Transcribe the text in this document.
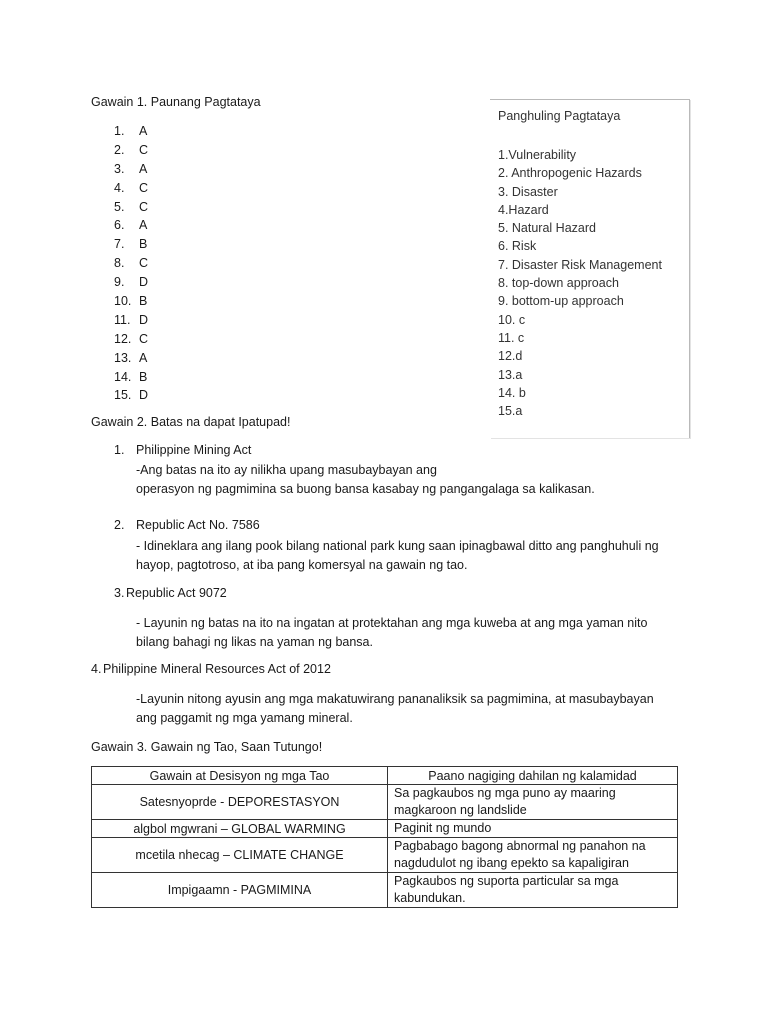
Gawain 1. Paunang Pagtataya
1. A
2. C
3. A
4. C
5. C
6. A
7. B
8. C
9. D
10. B
11. D
12. C
13. A
14. B
15. D
Panghuling Pagtataya
1.Vulnerability
2. Anthropogenic Hazards
3. Disaster
4.Hazard
5. Natural Hazard
6. Risk
7. Disaster Risk Management
8. top-down approach
9. bottom-up approach
10. c
11. c
12.d
13.a
14. b
15.a
Gawain 2. Batas na dapat Ipatupad!
1. Philippine Mining Act
-Ang batas na ito ay nilikha upang masubaybayan ang
operasyon ng pagmimina sa buong bansa kasabay ng pangangalaga sa kalikasan.
2. Republic Act No. 7586
- Idineklara ang ilang pook bilang national park kung saan ipinagbawal ditto ang panghuhuli ng
hayop, pagtotroso, at iba pang komersyal na gawain ng tao.
3. Republic Act 9072
- Layunin ng batas na ito na ingatan at protektahan ang mga kuweba at ang mga yaman nito
bilang bahagi ng likas na yaman ng bansa.
4. Philippine Mineral Resources Act of 2012
-Layunin nitong ayusin ang mga makatuwirang pananaliksik sa pagmimina, at masubaybayan
ang paggamit ng mga yamang mineral.
Gawain 3. Gawain ng Tao, Saan Tutungo!
Gawain at Desisyon ng mga Tao	Paano nagiging dahilan ng kalamidad
Satesnyoprde - DEPORESTASYON	Sa pagkaubos ng mga puno ay maaring
magkaroon ng landslide

algbol mgwrani – GLOBAL WARMING	Paginit ng mundo

mcetila nhecag – CLIMATE CHANGE	Pagbabago bagong abnormal ng panahon na
nagdudulot ng ibang epekto sa kapaligiran

Impigaamn - PAGMIMINA	Pagkaubos ng suporta particular sa mga
kabundukan.
